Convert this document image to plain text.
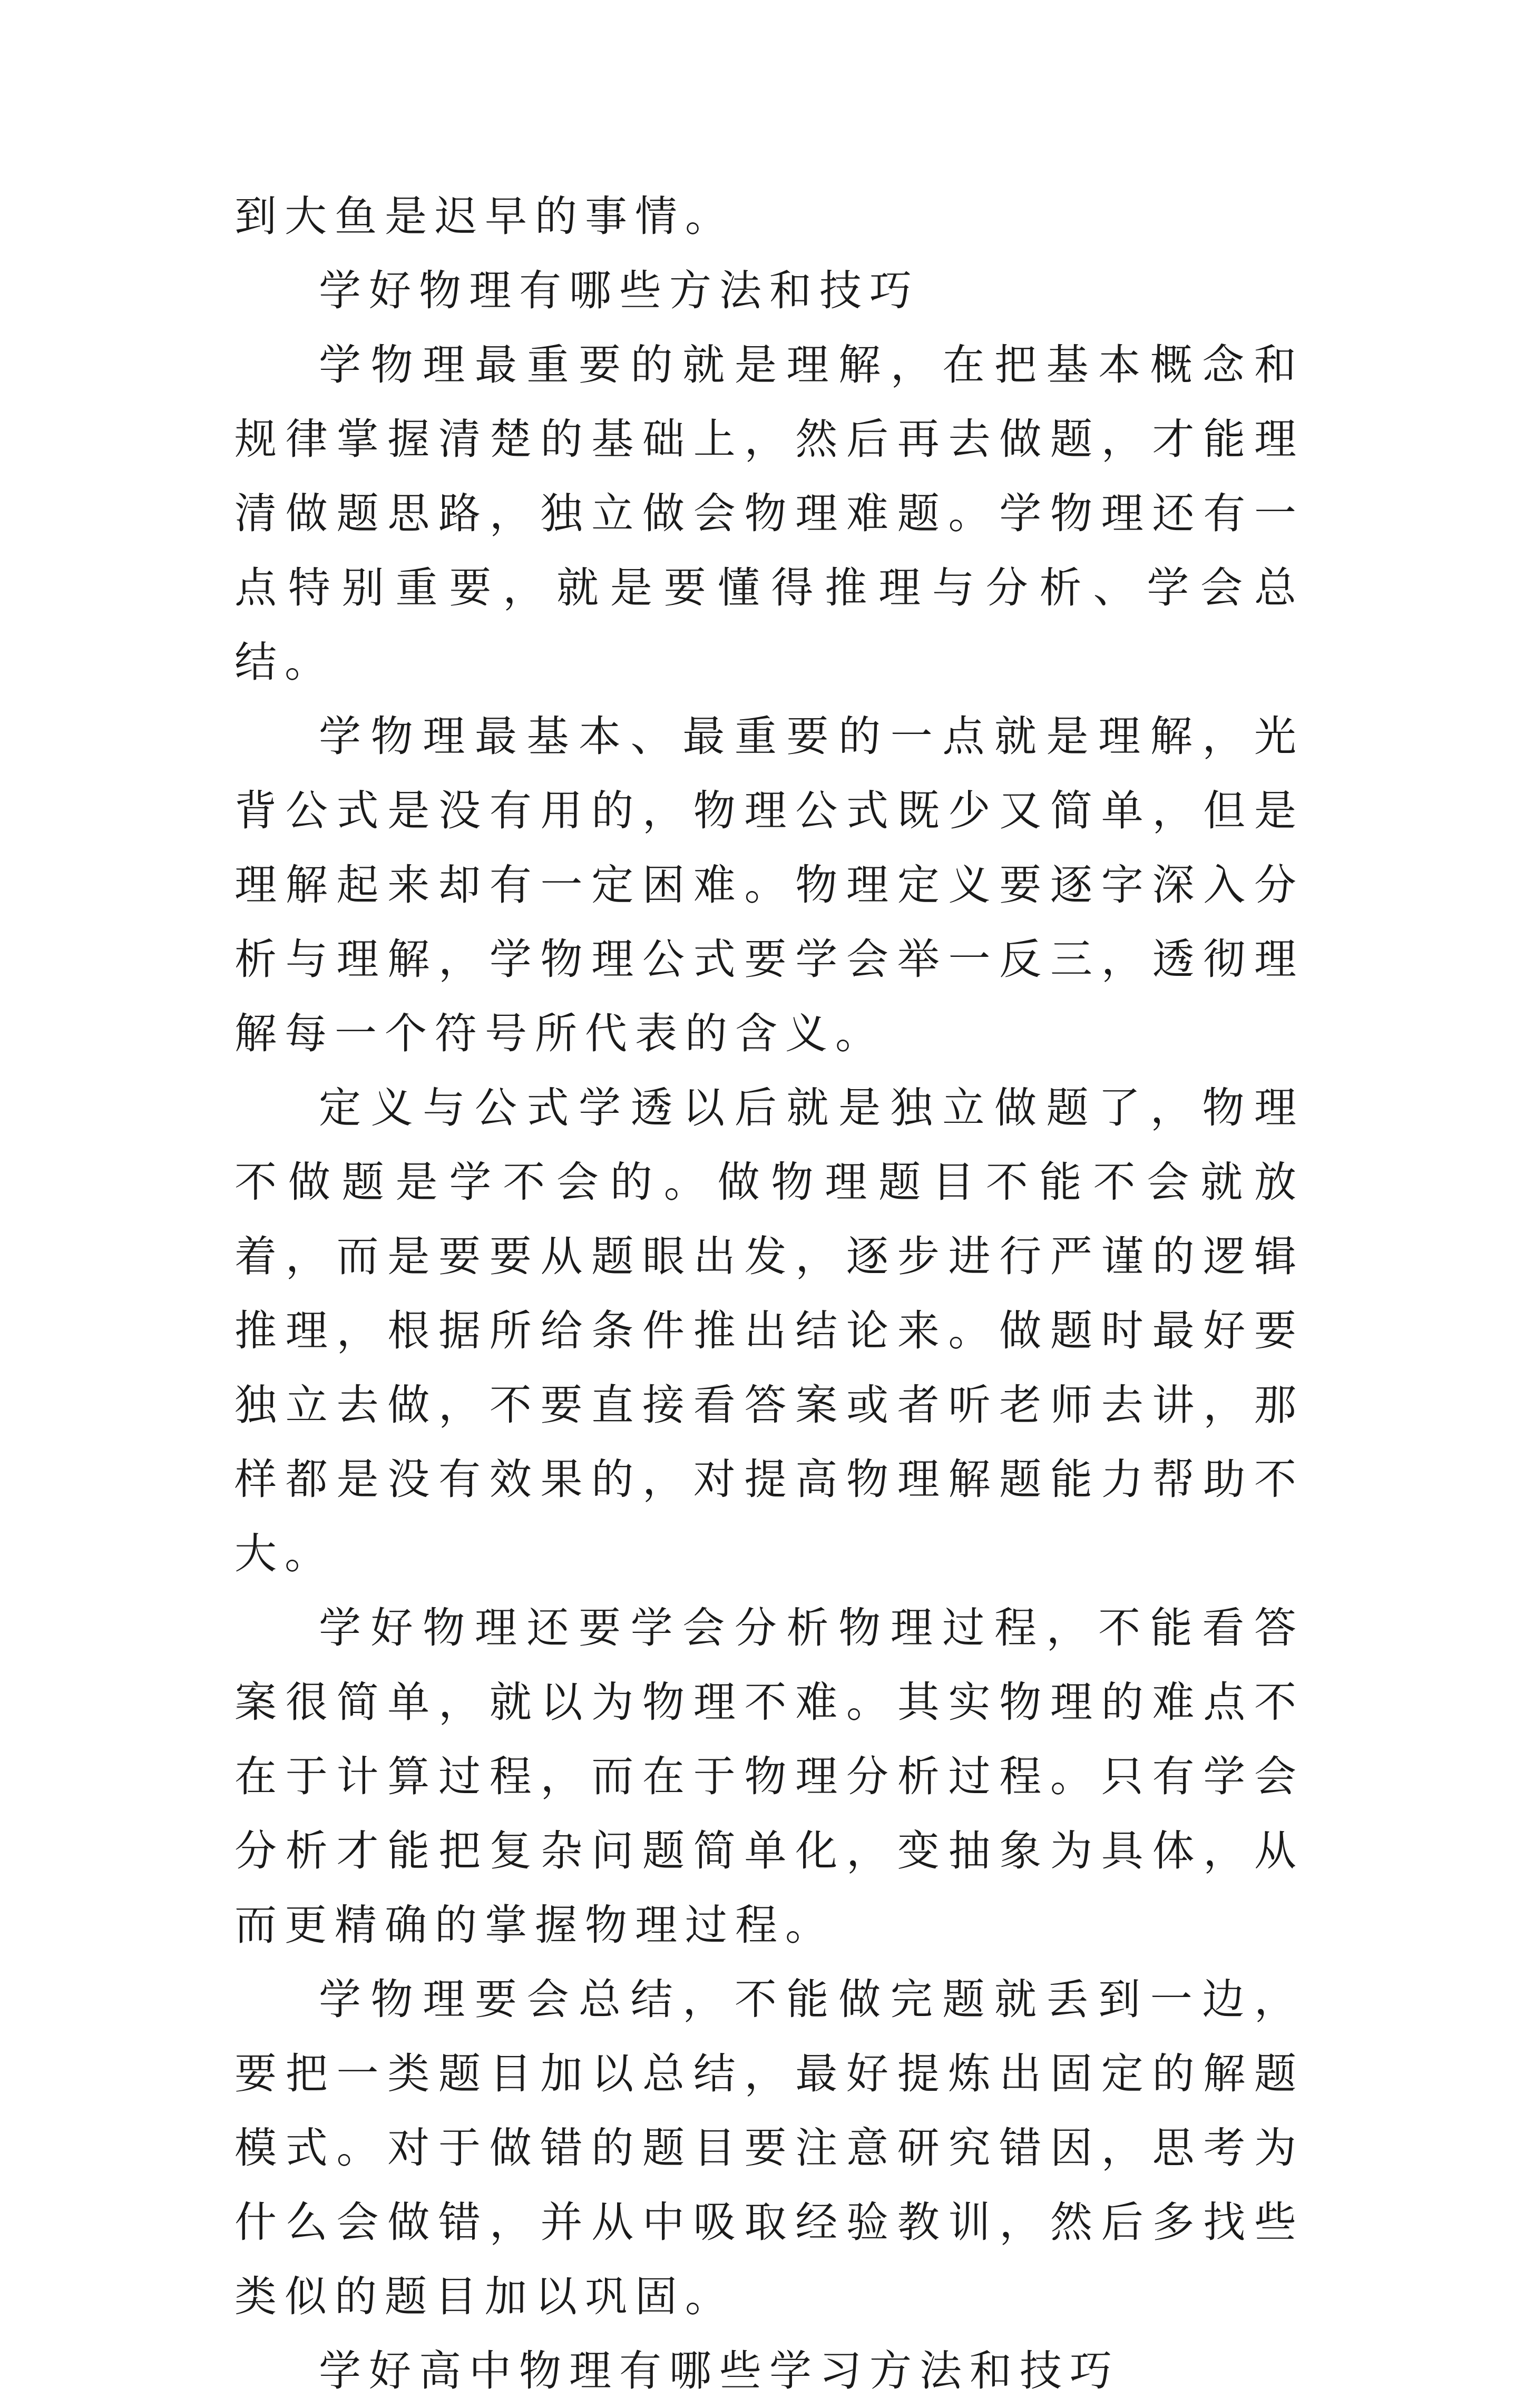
到大鱼是迟早的事情。

学好物理有哪些方法和技巧

学物理最重要的就是理解，在把基本概念和规律掌握清楚的基础上，然后再去做题，才能理清做题思路，独立做会物理难题。学物理还有一点特别重要，就是要懂得推理与分析、学会总结。

学物理最基本、最重要的一点就是理解，光背公式是没有用的，物理公式既少又简单，但是理解起来却有一定困难。物理定义要逐字深入分析与理解，学物理公式要学会举一反三，透彻理解每一个符号所代表的含义。

定义与公式学透以后就是独立做题了，物理不做题是学不会的。做物理题目不能不会就放着，而是要要从题眼出发，逐步进行严谨的逻辑推理，根据所给条件推出结论来。做题时最好要独立去做，不要直接看答案或者听老师去讲，那样都是没有效果的，对提高物理解题能力帮助不大。

学好物理还要学会分析物理过程，不能看答案很简单，就以为物理不难。其实物理的难点不在于计算过程，而在于物理分析过程。只有学会分析才能把复杂问题简单化，变抽象为具体，从而更精确的掌握物理过程。

学物理要会总结，不能做完题就丢到一边，要把一类题目加以总结，最好提炼出固定的解题模式。对于做错的题目要注意研究错因，思考为什么会做错，并从中吸取经验教训，然后多找些类似的题目加以巩固。

学好高中物理有哪些学习方法和技巧
